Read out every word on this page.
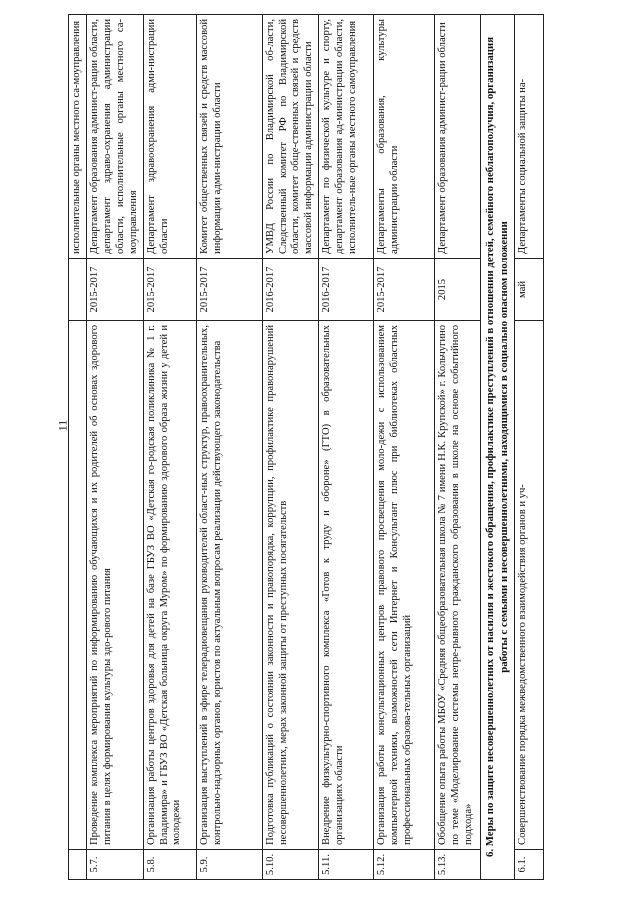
11
			исполнительные органы местного са-моуправления
5.7.	Проведение комплекса мероприятий по информированию обучающихся и их родителей об основах здорового питания в целях формирования культуры здо-рового питания	2015-2017	Департамент образования админист-рации области, департамент здраво-охранения администрации области, исполнительные органы местного са-моуправления
5.8.	Организация работы центров здоровья для детей на базе ГБУЗ ВО «Детская го-родская поликлиника № 1 г. Владимира» и ГБУЗ ВО «Детская больница округа Муром» по формированию здорового образа жизни у детей и молодежи	2015-2017	Департамент здравоохранения адми-нистрации области
5.9.	Организация выступлений в эфире телерадиовещания руководителей област-ных структур, правоохранительных, контрольно-надзорных органов, юристов по актуальным вопросам реализации действующего законодательства	2015-2017	Комитет общественных связей и средств массовой информации адми-нистрации области
5.10.	Подготовка публикаций о состоянии законности и правопорядка, коррупции, профилактике правонарушений несовершеннолетних, мерах законной защиты от преступных посягательств	2016-2017	УМВД России по Владимирской об-ласти, Следственный комитет РФ по Владимирской области, комитет обще-ственных связей и средств массовой информации администрации области
5.11.	Внедрение физкультурно-спортивного комплекса «Готов к труду и обороне» (ГТО) в образовательных организациях области	2016-2017	Департамент по физической культуре и спорту, департамент образования ад-министрации области, исполнитель-ные органы местного самоуправления
5.12.	Организация работы консультационных центров правового просвещения моло-дежи с использованием компьютерной техники, возможностей сети Интернет и Консультант плюс при библиотеках областных профессиональных образова-тельных организаций	2015-2017	Департаменты образования, культуры администрации области
5.13.	Обобщение опыта работы МБОУ «Средняя общеобразовательная школа № 7 имени Н.К. Крупской» г. Кольчугино по теме «Моделирование системы непре-рывного гражданского образования в школе на основе событийного подхода»	2015	Департамент образования админист-рации области
6. Меры по защите несовершеннолетних от насилия и жестокого обращения, профилактике преступлений в отношении детей, семейного неблагополучия, организация работы с семьями и несовершеннолетними, находящимися в социально опасном положении			
6.1.	Совершенствование порядка межведомственного взаимодействия органов и уч-	май	Департаменты социальной защиты на-
